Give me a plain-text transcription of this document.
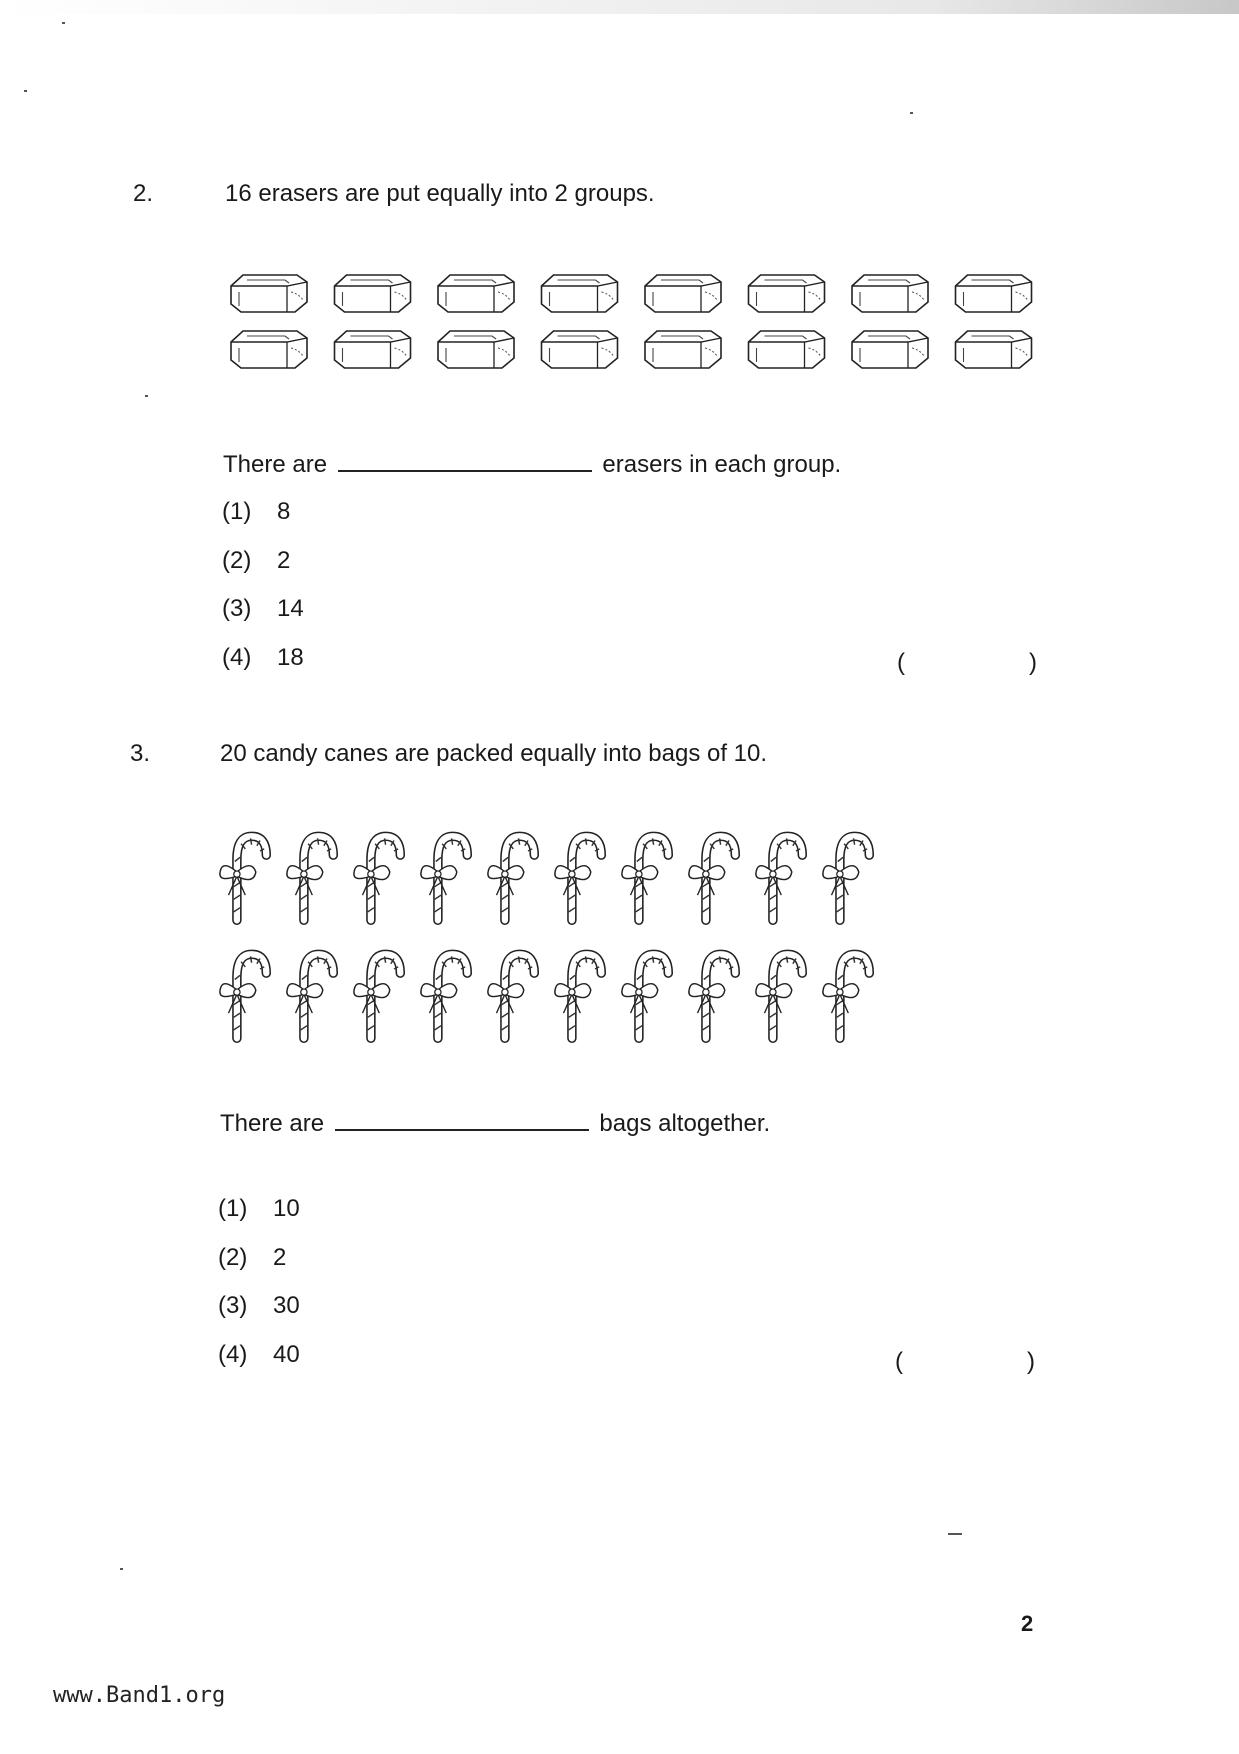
2.	16 erasers are put equally into 2 groups.
There are	erasers in each group.
(1) 8
(2) 2
(3) 14
(4) 18	(	)
3.	20 candy canes are packed equally into bags of 10.
There are	bags altogether.
(1) 10
(2) 2
(3) 30
(4) 40	(	)
2
www.Band1.org
